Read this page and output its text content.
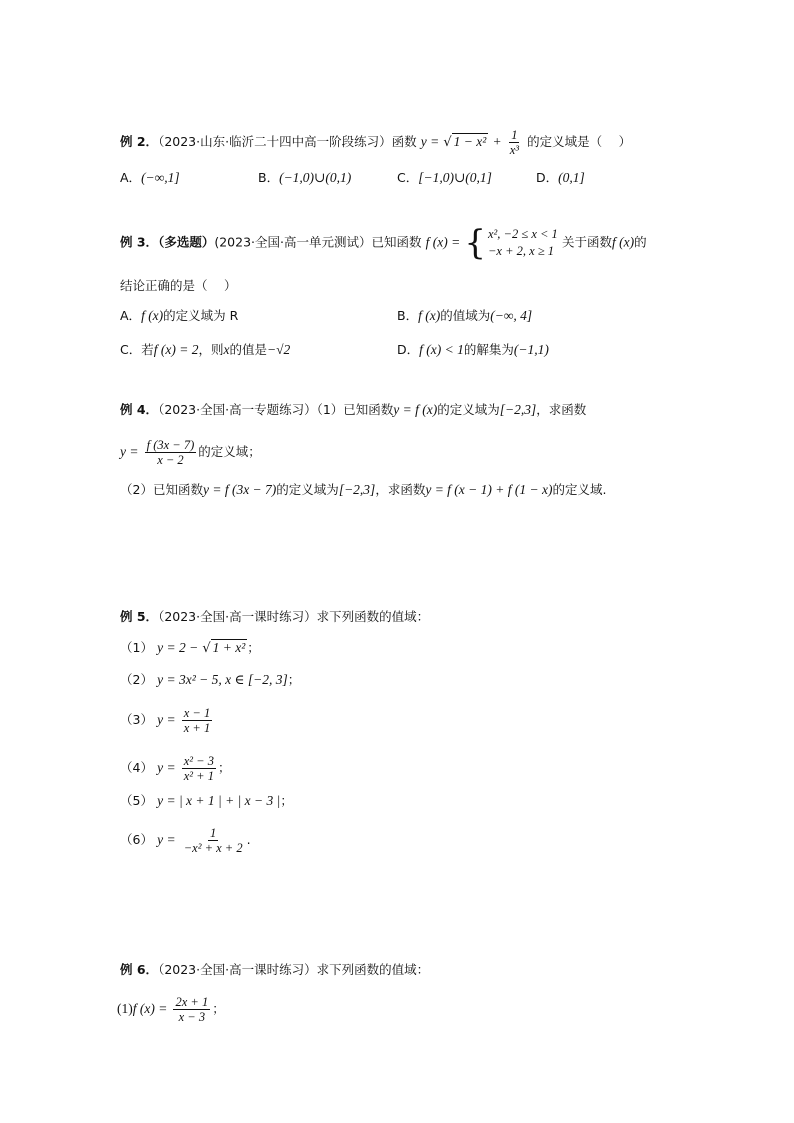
例 2．（2023·山东·临沂二十四中高一阶段练习）函数 y = √ $1 - x^2 + \frac{1}{\text{x³}}$ 的定义域是（　 ）
A．(−∞,1]	B．(−1,0)∪(0,1)	C．[−1,0)∪(0,1]	D．(0,1]
例 3．（多选题）(2023·全国·高一单元测试）已知函数 f (x) = { x², −2 ≤ x < 1
−x + 2, x ≥ 1
关于函数f (x)的
结论正确的是（　 ）
A．f (x)的定义域为 R	B．f (x)的值域为(−∞, 4]
C．若f (x) = 2，则x的值是−√2	D．f (x) < 1的解集为(−1,1)
例 4．（2023·全国·高一专题练习）（1）已知函数y = f (x)的定义域为[−2,3]，求函数
$y = \frac{f (3x - 7)}{x - 2}$ 的定义域；
（2）已知函数y = f (3x − 7)的定义域为[−2,3]，求函数y = f (x − 1) + f (1 − x)的定义域.
例 5．（2023·全国·高一课时练习）求下列函数的值域：
（1） y = 2 − √ 1 + x² ；
（2） y = 3x² − 5, x ∈ [−2, 3]；
（3） $y = \frac{x - 1}{x + 1}$
（4） $y = \frac{\text{x² − 3}}{\text{x² + 1}}$ ；
（5） y = | x + 1 | + | x − 3 |；
（6） $y = \frac{1}{\text{−x² + x + 2}}$ .
例 6．（2023·全国·高一课时练习）求下列函数的值域：
(1)f $(x) = \frac{2x + 1}{x - 3}$ ；
